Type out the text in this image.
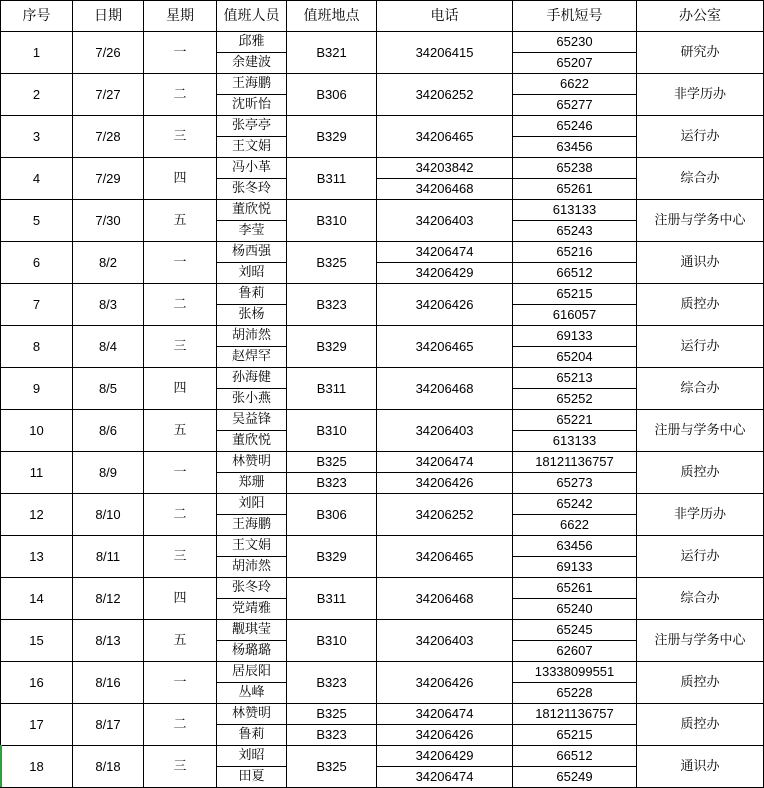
序号	日期	星期	值班人员	值班地点	电话	手机短号	办公室
1	7/26	一	邱雅	B321	34206415	65230	研究办
			余建波			65207	
2	7/27	二	王海鹏	B306	34206252	6622	非学历办
			沈昕怡			65277	
3	7/28	三	张亭亭	B329	34206465	65246	运行办
			王文娟			63456	
4	7/29	四	冯小革	B311	34203842	65238	综合办
			张冬玲		34206468	65261	
5	7/30	五	董欣悦	B310	34206403	613133	注册与学务中心
			李莹			65243	
6	8/2	一	杨西强	B325	34206474	65216	通识办
			刘昭		34206429	66512	
7	8/3	二	鲁莉	B323	34206426	65215	质控办
			张杨			616057	
8	8/4	三	胡沛然	B329	34206465	69133	运行办
			赵焊罕			65204	
9	8/5	四	孙海健	B311	34206468	65213	综合办
			张小燕			65252	
10	8/6	五	吴益锋	B310	34206403	65221	注册与学务中心
			董欣悦			613133	
11	8/9	一	林赞明	B325	34206474	18121136757	质控办
			郑珊	B323	34206426	65273	
12	8/10	二	刘阳	B306	34206252	65242	非学历办
			王海鹏			6622	
13	8/11	三	王文娟	B329	34206465	63456	运行办
			胡沛然			69133	
14	8/12	四	张冬玲	B311	34206468	65261	综合办
			党靖雅			65240	
15	8/13	五	觏琪莹	B310	34206403	65245	注册与学务中心
			杨璐璐			62607	
16	8/16	一	居辰阳	B323	34206426	13338099551	质控办
			丛峰			65228	
17	8/17	二	林赞明	B325	34206474	18121136757	质控办
			鲁莉	B323	34206426	65215	
18	8/18	三	刘昭	B325	34206429	66512	通识办
			田夏		34206474	65249	
